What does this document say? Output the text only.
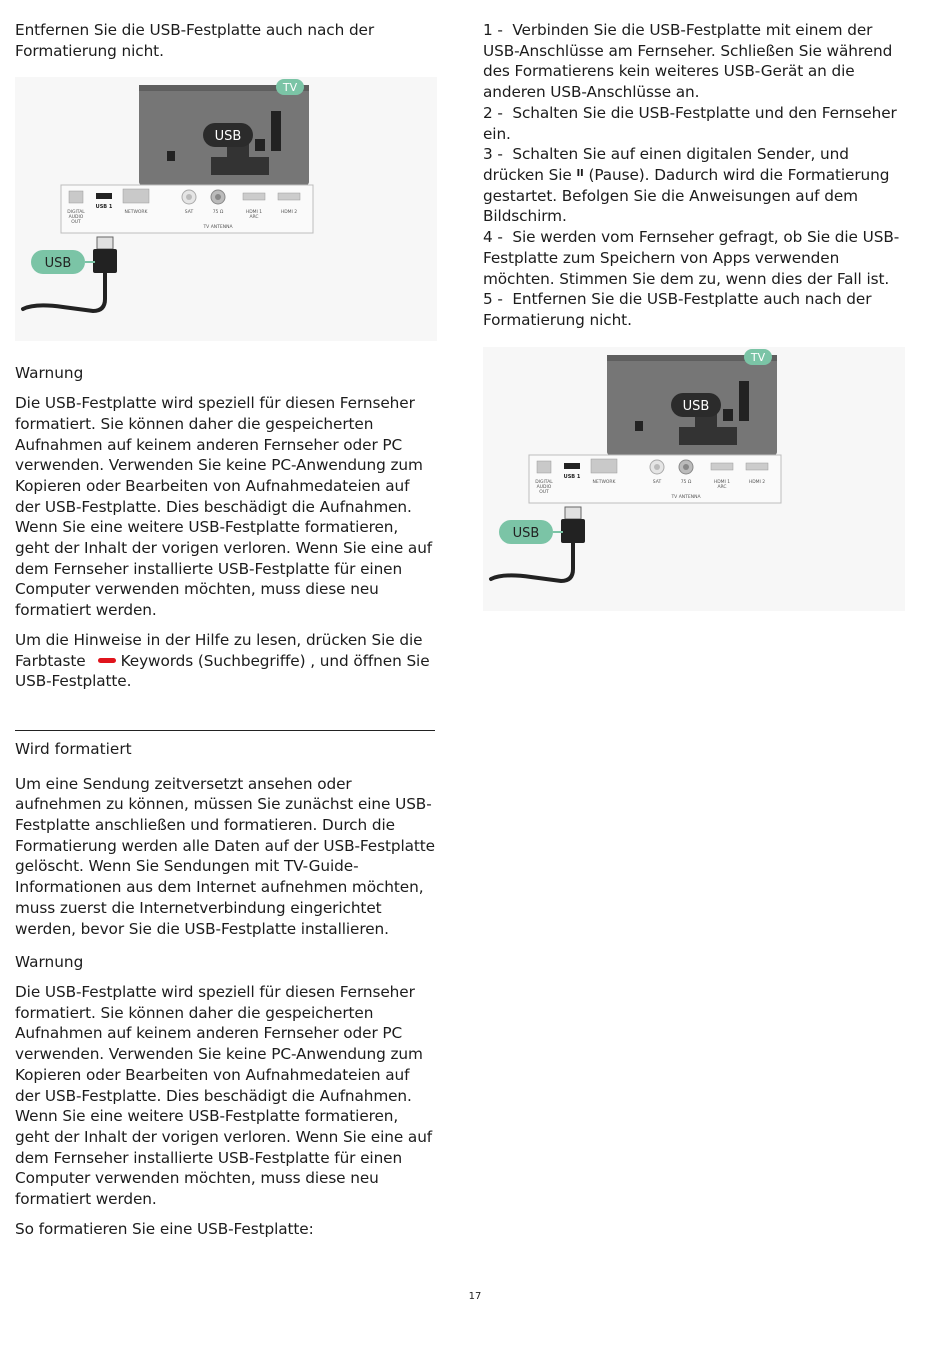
Entfernen Sie die USB-Festplatte auch nach der Formatierung nicht.

TV
USB
DIGITAL
AUDIO
OUT
USB 1
NETWORK	SAT	75 Ω	HDMI 1
ARC
HDMI 2
TV ANTENNA
USB

Warnung

Die USB-Festplatte wird speziell für diesen Fernseher formatiert. Sie können daher die gespeicherten Aufnahmen auf keinem anderen Fernseher oder PC verwenden. Verwenden Sie keine PC-Anwendung zum Kopieren oder Bearbeiten von Aufnahmedateien auf der USB-Festplatte. Dies beschädigt die Aufnahmen. Wenn Sie eine weitere USB-Festplatte formatieren, geht der Inhalt der vorigen verloren. Wenn Sie eine auf dem Fernseher installierte USB-Festplatte für einen Computer verwenden möchten, muss diese neu formatiert werden.

Um die Hinweise in der Hilfe zu lesen, drücken Sie die Farbtaste Keywords (Suchbegriffe) , und öffnen Sie  USB-Festplatte.

Wird formatiert

Um eine Sendung zeitversetzt ansehen oder aufnehmen zu können, müssen Sie zunächst eine USB-Festplatte anschließen und formatieren. Durch die Formatierung werden alle Daten auf der USB-Festplatte gelöscht. Wenn Sie Sendungen mit TV-Guide-Informationen aus dem Internet aufnehmen möchten, muss zuerst die Internetverbindung eingerichtet werden, bevor Sie die USB-Festplatte installieren.

Warnung

Die USB-Festplatte wird speziell für diesen Fernseher formatiert. Sie können daher die gespeicherten Aufnahmen auf keinem anderen Fernseher oder PC verwenden. Verwenden Sie keine PC-Anwendung zum Kopieren oder Bearbeiten von Aufnahmedateien auf der USB-Festplatte. Dies beschädigt die Aufnahmen. Wenn Sie eine weitere USB-Festplatte formatieren, geht der Inhalt der vorigen verloren. Wenn Sie eine auf dem Fernseher installierte USB-Festplatte für einen Computer verwenden möchten, muss diese neu formatiert werden.

So formatieren Sie eine USB-Festplatte:

1 - Verbinden Sie die USB-Festplatte mit einem der USB-Anschlüsse am Fernseher. Schließen Sie während des Formatierens kein weiteres USB-Gerät an die anderen USB-Anschlüsse an.
2 - Schalten Sie die USB-Festplatte und den Fernseher ein.
3 - Schalten Sie auf einen digitalen Sender, und drücken Sie II (Pause). Dadurch wird die Formatierung gestartet. Befolgen Sie die Anweisungen auf dem Bildschirm.
4 - Sie werden vom Fernseher gefragt, ob Sie die USB-Festplatte zum Speichern von Apps verwenden möchten. Stimmen Sie dem zu, wenn dies der Fall ist.
5 - Entfernen Sie die USB-Festplatte auch nach der Formatierung nicht.
TV
USB
DIGITAL
AUDIO
OUT
USB 1
NETWORK	SAT	75 Ω	HDMI 1
ARC
HDMI 2
TV ANTENNA
USB
17
